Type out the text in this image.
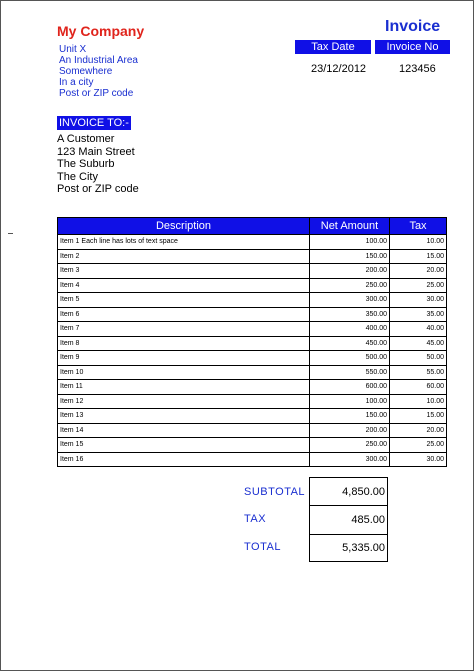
My Company
Unit X
An Industrial Area
Somewhere
In a city
Post or ZIP code
Invoice
Tax Date	Invoice No
23/12/2012	123456
INVOICE TO:-
A Customer
123 Main Street
The Suburb
The City
Post or ZIP code
Description	Net Amount	Tax
Item 1 Each line has lots of text space	100.00	10.00
Item 2	150.00	15.00
Item 3	200.00	20.00
Item 4	250.00	25.00
Item 5	300.00	30.00
Item 6	350.00	35.00
Item 7	400.00	40.00
Item 8	450.00	45.00
Item 9	500.00	50.00
Item 10	550.00	55.00
Item 11	600.00	60.00
Item 12	100.00	10.00
Item 13	150.00	15.00
Item 14	200.00	20.00
Item 15	250.00	25.00
Item 16	300.00	30.00
SUBTOTAL	4,850.00
TAX	485.00
TOTAL	5,335.00
